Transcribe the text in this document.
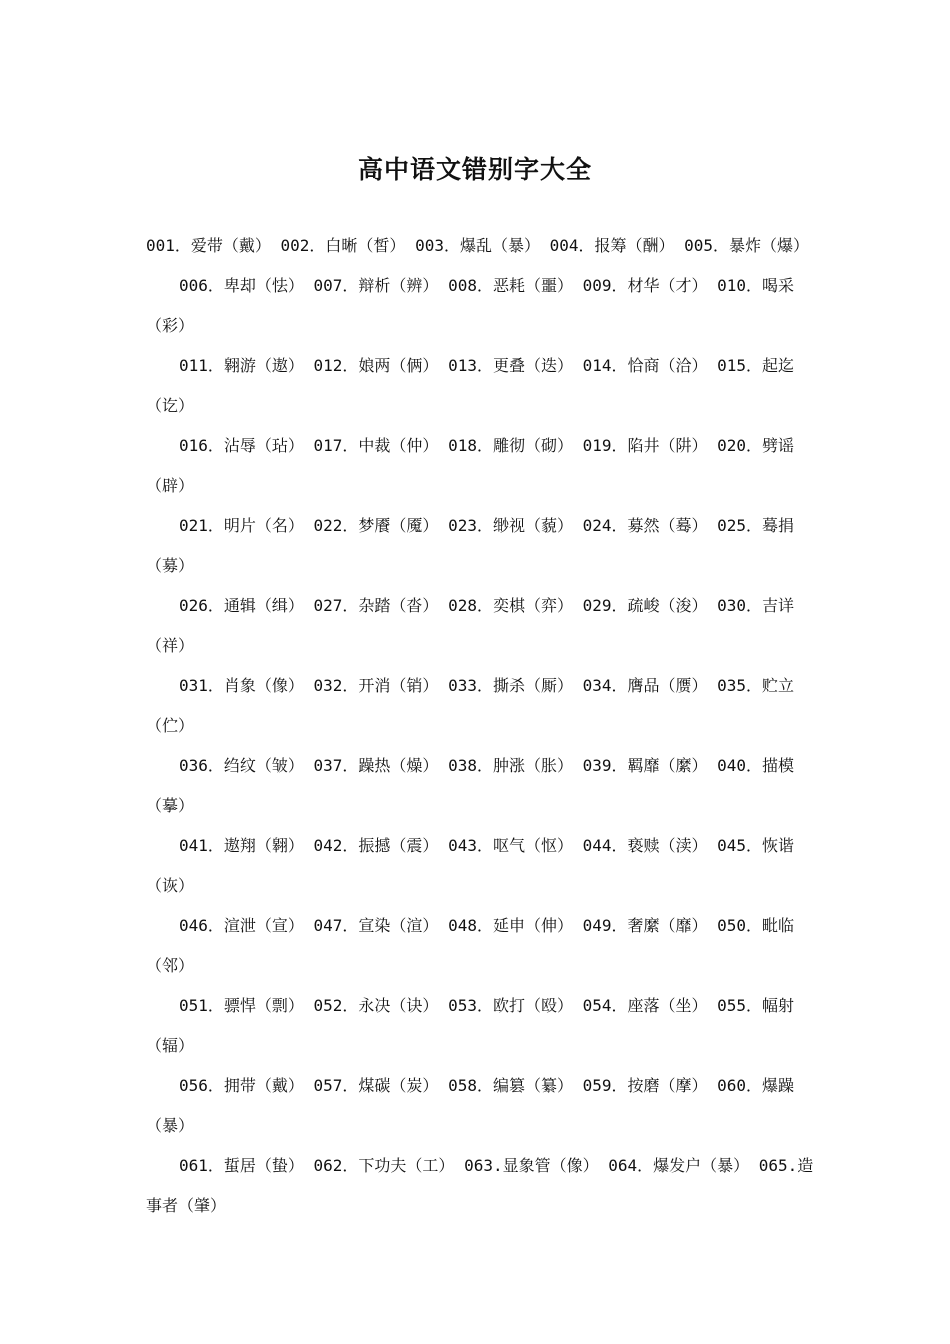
高中语文错别字大全

001．爱带（戴） 002．白晰（皙） 003．爆乱（暴） 004．报筹（酬） 005．暴炸（爆）

006．卑却（怯） 007．辩析（辨） 008．恶耗（噩） 009．材华（才） 010．喝采

（彩）

011．翱游（遨） 012．娘两（俩） 013．更叠（迭） 014．恰商（洽） 015．起迄

（讫）

016．沾辱（玷） 017．中裁（仲） 018．雕彻（砌） 019．陷井（阱） 020．劈谣

（辟）

021．明片（名） 022．梦餍（魇） 023．缈视（藐） 024．募然（蓦） 025．蓦捐

（募）

026．通辑（缉） 027．杂踏（沓） 028．奕棋（弈） 029．疏峻（浚） 030．吉详

（祥）

031．肖象（像） 032．开消（销） 033．撕杀（厮） 034．膺品（赝） 035．贮立

（伫）

036．绉纹（皱） 037．躁热（燥） 038．肿涨（胀） 039．羁靡（縻） 040．描模

（摹）

041．遨翔（翱） 042．振撼（震） 043．呕气（怄） 044．亵赎（渎） 045．恢谐

（诙）

046．渲泄（宣） 047．宣染（渲） 048．延申（伸） 049．奢縻（靡） 050．毗临

（邻）

051．骠悍（剽） 052．永决（诀） 053．欧打（殴） 054．座落（坐） 055．幅射

（辐）

056．拥带（戴） 057．煤碳（炭） 058．编篡（纂） 059．按磨（摩） 060．爆躁

（暴）

061．蜇居（蛰） 062．下功夫（工） 063.显象管（像） 064．爆发户（暴） 065.造

事者（肇）
